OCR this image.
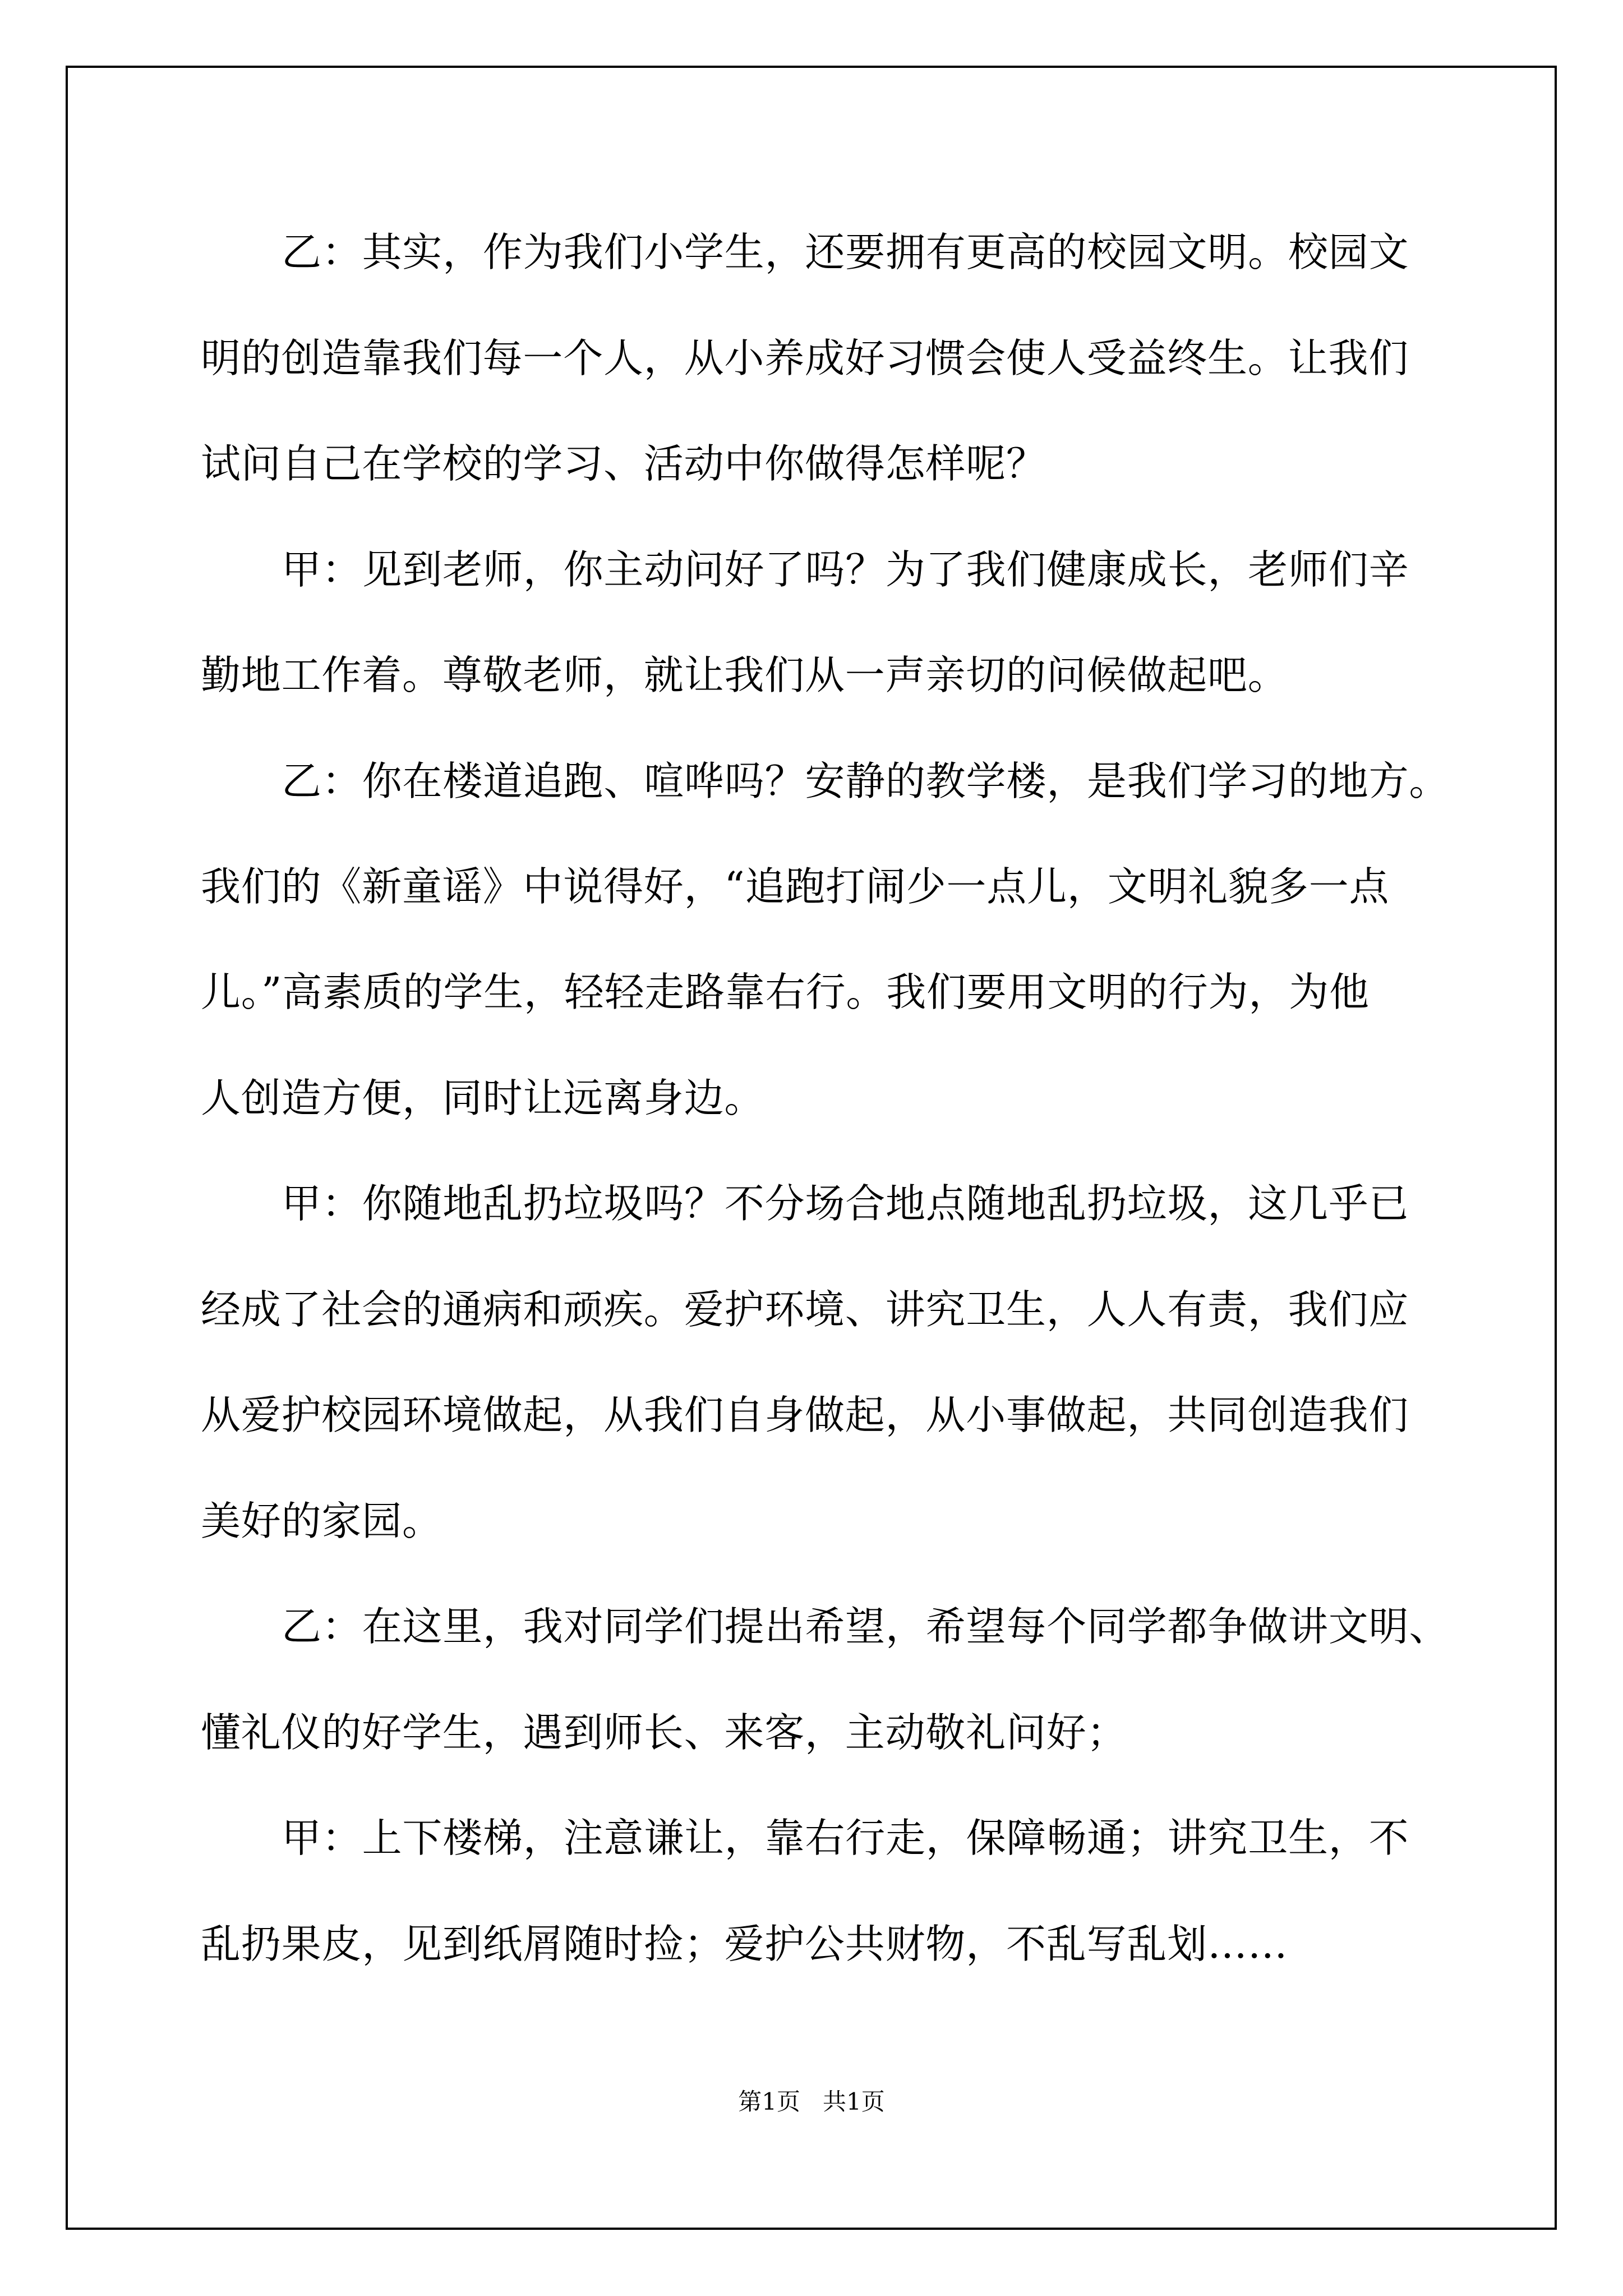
乙：其实，作为我们小学生，还要拥有更高的校园文明。校园文

明的创造靠我们每一个人，从小养成好习惯会使人受益终生。让我们

试问自己在学校的学习、活动中你做得怎样呢？

甲：见到老师，你主动问好了吗？为了我们健康成长，老师们辛

勤地工作着。尊敬老师，就让我们从一声亲切的问候做起吧。

乙：你在楼道追跑、喧哗吗？安静的教学楼，是我们学习的地方。

我们的《新童谣》中说得好，“追跑打闹少一点儿，文明礼貌多一点

儿。”高素质的学生，轻轻走路靠右行。我们要用文明的行为，为他

人创造方便，同时让远离身边。

甲：你随地乱扔垃圾吗？不分场合地点随地乱扔垃圾，这几乎已

经成了社会的通病和顽疾。爱护环境、讲究卫生，人人有责，我们应

从爱护校园环境做起，从我们自身做起，从小事做起，共同创造我们

美好的家园。

乙：在这里，我对同学们提出希望，希望每个同学都争做讲文明、

懂礼仪的好学生，遇到师长、来客，主动敬礼问好；

甲：上下楼梯，注意谦让，靠右行走，保障畅通；讲究卫生，不

乱扔果皮，见到纸屑随时捡；爱护公共财物，不乱写乱划……

第1页   共1页
